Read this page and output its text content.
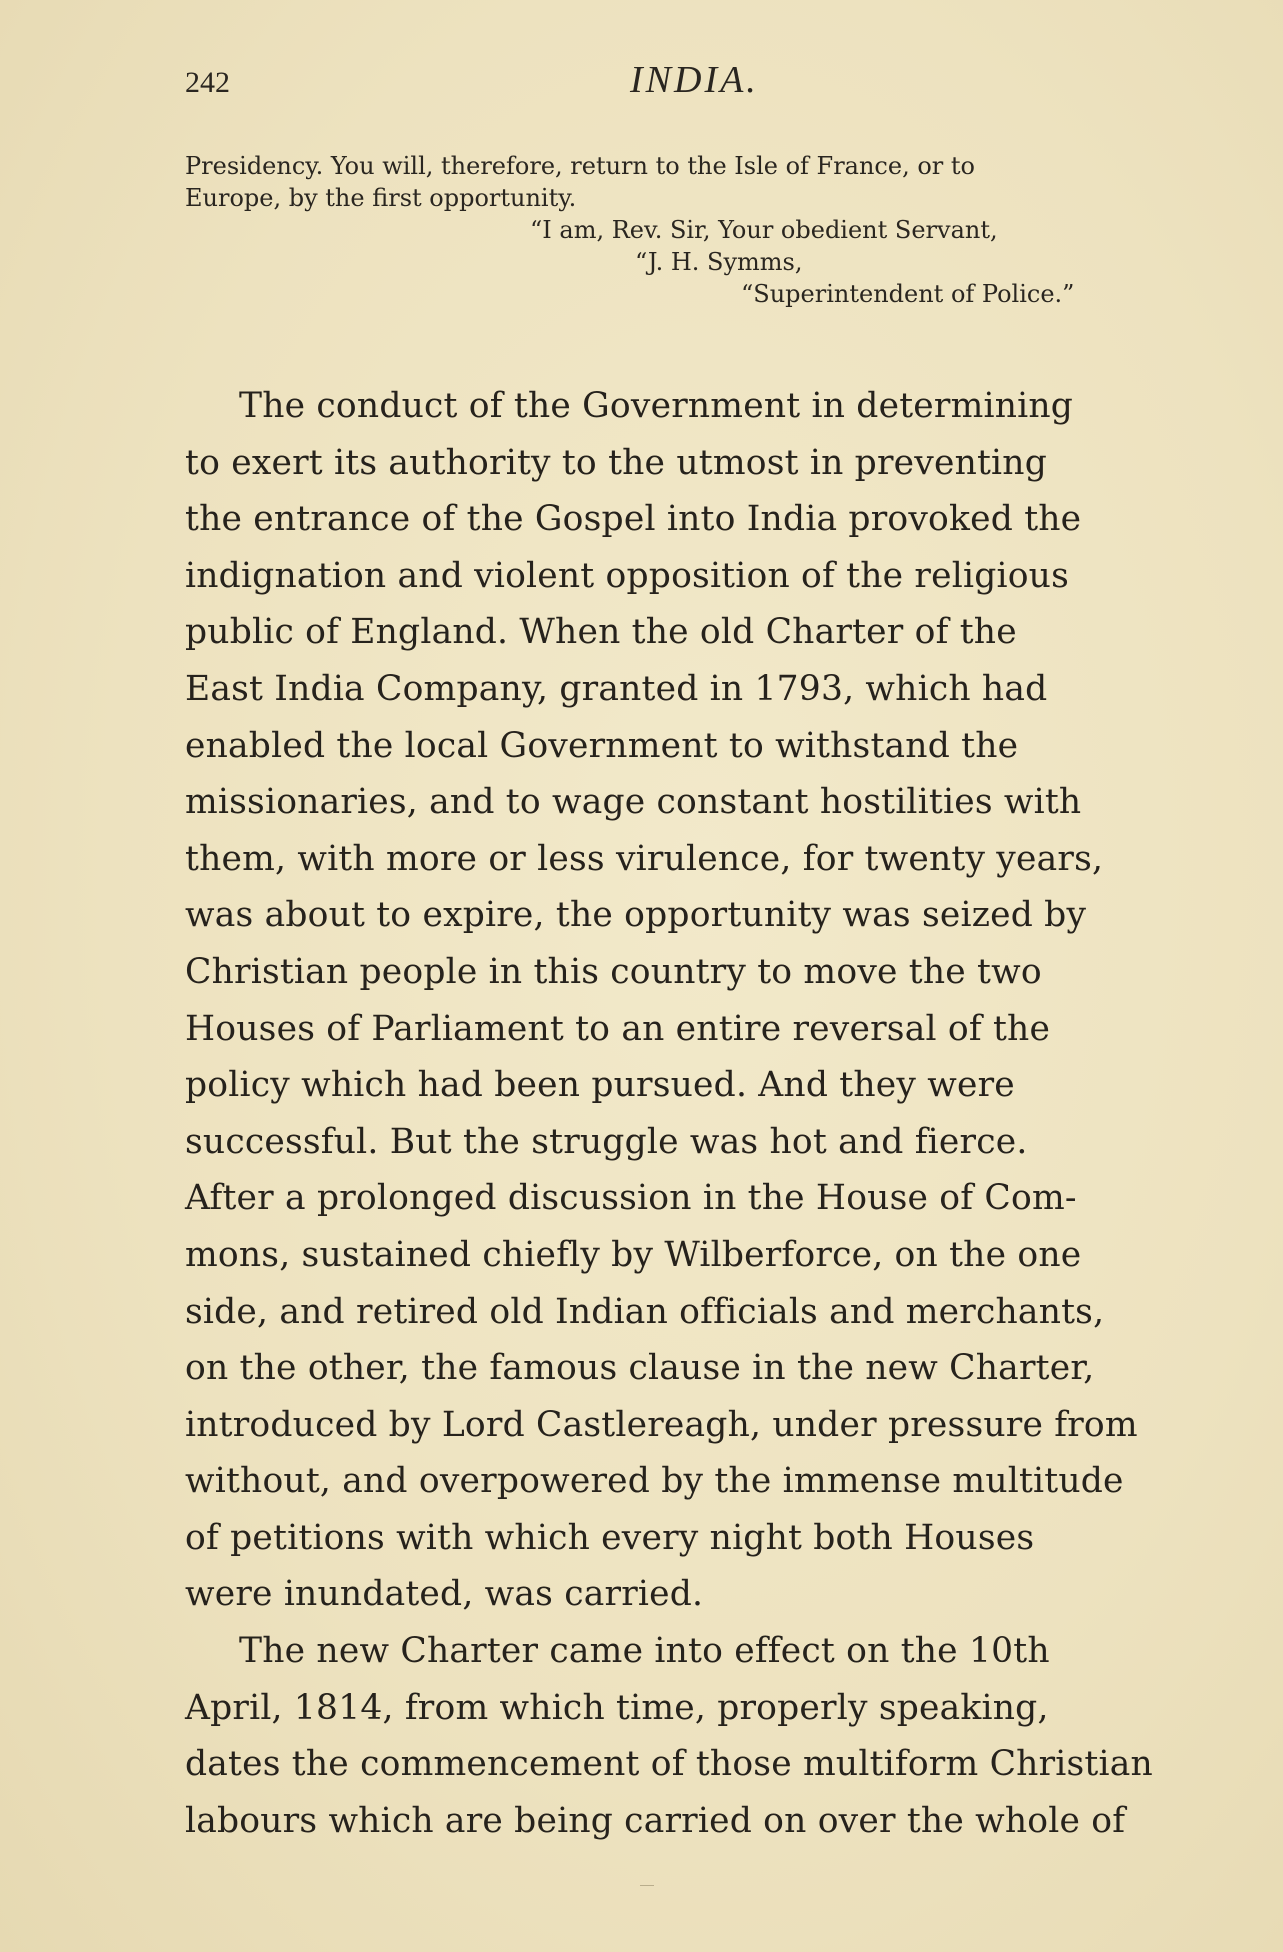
242	INDIA.
Presidency. You will, therefore, return to the Isle of France, or to
Europe, by the first opportunity.
“I am, Rev. Sir, Your obedient Servant,
“J. H. Symms,
“Superintendent of Police.”
The conduct of the Government in determining
to exert its authority to the utmost in preventing
the entrance of the Gospel into India provoked the
indignation and violent opposition of the religious
public of England. When the old Charter of the
East India Company, granted in 1793, which had
enabled the local Government to withstand the
missionaries, and to wage constant hostilities with
them, with more or less virulence, for twenty years,
was about to expire, the opportunity was seized by
Christian people in this country to move the two
Houses of Parliament to an entire reversal of the
policy which had been pursued. And they were
successful. But the struggle was hot and fierce.
After a prolonged discussion in the House of Com-
mons, sustained chiefly by Wilberforce, on the one
side, and retired old Indian officials and merchants,
on the other, the famous clause in the new Charter,
introduced by Lord Castlereagh, under pressure from
without, and overpowered by the immense multitude
of petitions with which every night both Houses
were inundated, was carried.
The new Charter came into effect on the 10th
April, 1814, from which time, properly speaking,
dates the commencement of those multiform Christian
labours which are being carried on over the whole of
